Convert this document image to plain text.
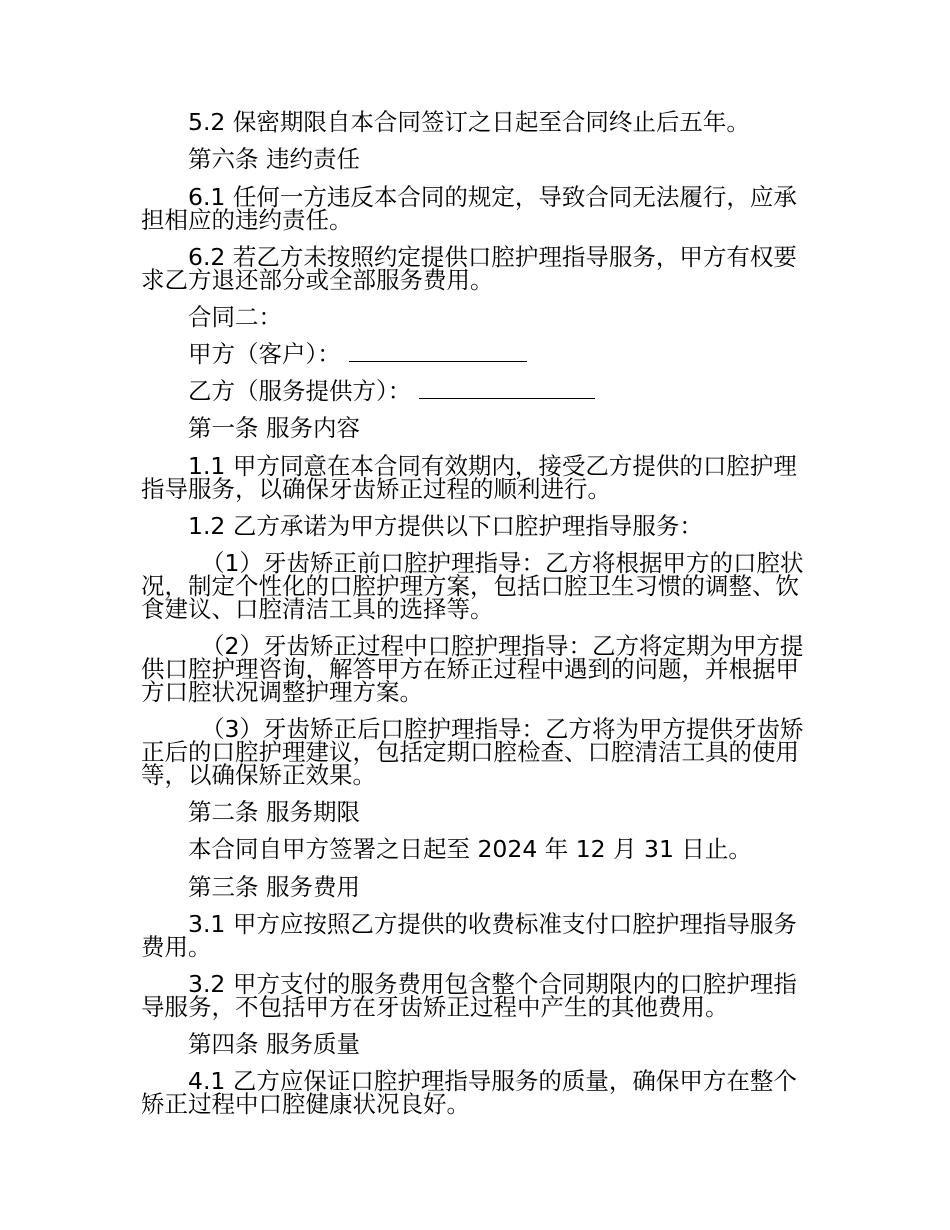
5.2 保密期限自本合同签订之日起至合同终止后五年。

第六条 违约责任

6.1 任何一方违反本合同的规定，导致合同无法履行，应承担相应的违约责任。

6.2 若乙方未按照约定提供口腔护理指导服务，甲方有权要求乙方退还部分或全部服务费用。

合同二：

甲方（客户）：

乙方（服务提供方）：

第一条 服务内容

1.1 甲方同意在本合同有效期内，接受乙方提供的口腔护理指导服务，以确保牙齿矫正过程的顺利进行。

1.2 乙方承诺为甲方提供以下口腔护理指导服务：

（1）牙齿矫正前口腔护理指导：乙方将根据甲方的口腔状况，制定个性化的口腔护理方案，包括口腔卫生习惯的调整、饮食建议、口腔清洁工具的选择等。

（2）牙齿矫正过程中口腔护理指导：乙方将定期为甲方提供口腔护理咨询，解答甲方在矫正过程中遇到的问题，并根据甲方口腔状况调整护理方案。

（3）牙齿矫正后口腔护理指导：乙方将为甲方提供牙齿矫正后的口腔护理建议，包括定期口腔检查、口腔清洁工具的使用等，以确保矫正效果。

第二条 服务期限

本合同自甲方签署之日起至 2024 年 12 月 31 日止。

第三条 服务费用

3.1 甲方应按照乙方提供的收费标准支付口腔护理指导服务费用。

3.2 甲方支付的服务费用包含整个合同期限内的口腔护理指导服务，不包括甲方在牙齿矫正过程中产生的其他费用。

第四条 服务质量

4.1 乙方应保证口腔护理指导服务的质量，确保甲方在整个矫正过程中口腔健康状况良好。
